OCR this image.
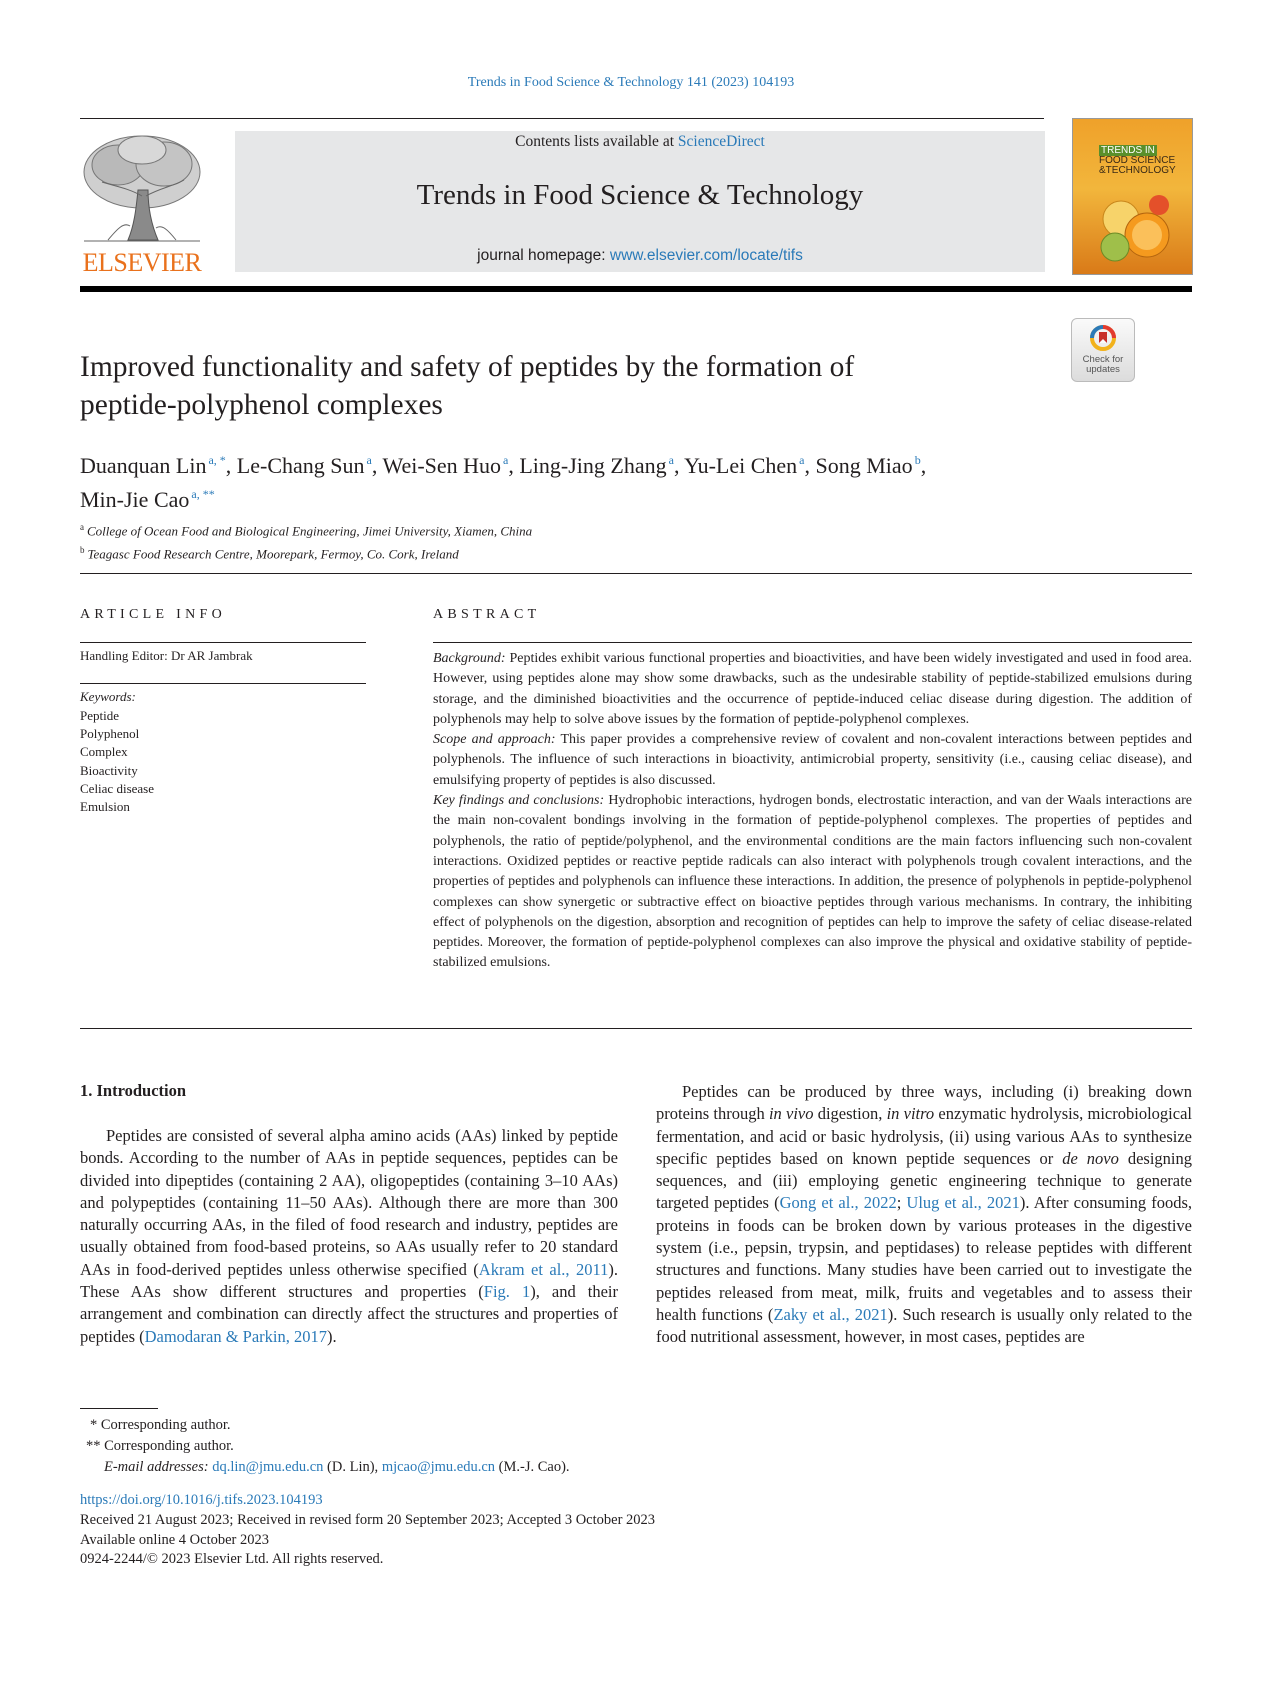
Trends in Food Science & Technology 141 (2023) 104193
ELSEVIER
Contents lists available at ScienceDirect
Trends in Food Science & Technology
journal homepage: www.elsevier.com/locate/tifs
TRENDS IN
FOOD SCIENCE
&TECHNOLOGY
Check for
updates
Improved functionality and safety of peptides by the formation of
peptide-polyphenol complexes
Duanquan Lin $^{a, *}$, Le-Chang Sun $^a$, Wei-Sen Huo $^a$, Ling-Jing Zhang $^a$, Yu-Lei Chen $^a$, Song Miao $^b$,
Min-Jie Cao $^{a, **}$
$^a$ College of Ocean Food and Biological Engineering, Jimei University, Xiamen, China
$^b$ Teagasc Food Research Centre, Moorepark, Fermoy, Co. Cork, Ireland
ARTICLE INFO
Handling Editor: Dr AR Jambrak
Keywords:
Peptide
Polyphenol
Complex
Bioactivity
Celiac disease
Emulsion
ABSTRACT

Background: Peptides exhibit various functional properties and bioactivities, and have been widely investigated and used in food area. However, using peptides alone may show some drawbacks, such as the undesirable stability of peptide-stabilized emulsions during storage, and the diminished bioactivities and the occurrence of peptide-induced celiac disease during digestion. The addition of polyphenols may help to solve above issues by the formation of peptide-polyphenol complexes.

Scope and approach: This paper provides a comprehensive review of covalent and non-covalent interactions between peptides and polyphenols. The influence of such interactions in bioactivity, antimicrobial property, sensitivity (i.e., causing celiac disease), and emulsifying property of peptides is also discussed.

Key findings and conclusions: Hydrophobic interactions, hydrogen bonds, electrostatic interaction, and van der Waals interactions are the main non-covalent bondings involving in the formation of peptide-polyphenol complexes. The properties of peptides and polyphenols, the ratio of peptide/polyphenol, and the environmental conditions are the main factors influencing such non-covalent interactions. Oxidized peptides or reactive peptide radicals can also interact with polyphenols trough covalent interactions, and the properties of peptides and polyphenols can influence these interactions. In addition, the presence of polyphenols in peptide-polyphenol complexes can show synergetic or subtractive effect on bioactive peptides through various mechanisms. In contrary, the inhibiting effect of polyphenols on the digestion, absorption and recognition of peptides can help to improve the safety of celiac disease-related peptides. Moreover, the formation of peptide-polyphenol complexes can also improve the physical and oxidative stability of peptide-stabilized emulsions.

1. Introduction
Peptides are consisted of several alpha amino acids (AAs) linked by peptide bonds. According to the number of AAs in peptide sequences, peptides can be divided into dipeptides (containing 2 AA), oligopeptides (containing 3–10 AAs) and polypeptides (containing 11–50 AAs). Although there are more than 300 naturally occurring AAs, in the filed of food research and industry, peptides are usually obtained from food-based proteins, so AAs usually refer to 20 standard AAs in food-derived peptides unless otherwise specified (Akram et al., 2011). These AAs show different structures and properties (Fig. 1), and their arrangement and combination can directly affect the structures and properties of peptides (Damodaran & Parkin, 2017).
Peptides can be produced by three ways, including (i) breaking down proteins through in vivo digestion, in vitro enzymatic hydrolysis, microbiological fermentation, and acid or basic hydrolysis, (ii) using various AAs to synthesize specific peptides based on known peptide sequences or de novo designing sequences, and (iii) employing genetic engineering technique to generate targeted peptides (Gong et al., 2022; Ulug et al., 2021). After consuming foods, proteins in foods can be broken down by various proteases in the digestive system (i.e., pepsin, trypsin, and peptidases) to release peptides with different structures and functions. Many studies have been carried out to investigate the peptides released from meat, milk, fruits and vegetables and to assess their health functions (Zaky et al., 2021). Such research is usually only related to the food nutritional assessment, however, in most cases, peptides are
* Corresponding author.
** Corresponding author.
E-mail addresses: dq.lin@jmu.edu.cn (D. Lin), mjcao@jmu.edu.cn (M.-J. Cao).
https://doi.org/10.1016/j.tifs.2023.104193
Received 21 August 2023; Received in revised form 20 September 2023; Accepted 3 October 2023
Available online 4 October 2023
0924-2244/© 2023 Elsevier Ltd. All rights reserved.
